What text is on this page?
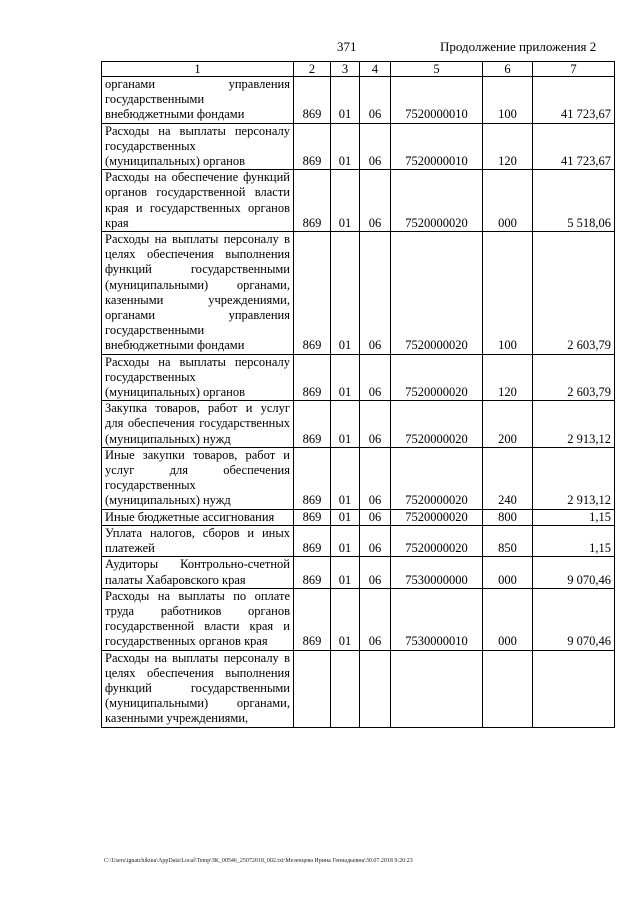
371	Продолжение приложения 2
1	2	3	4	5	6	7
органами управления государственными внебюджетными фондами	869	01	06	7520000010	100	41 723,67
Расходы на выплаты персоналу государственных (муниципальных) органов	869	01	06	7520000010	120	41 723,67
Расходы на обеспечение функций органов государственной власти края и государственных органов края	869	01	06	7520000020	000	5 518,06
Расходы на выплаты персоналу в целях обеспечения выполнения функций государственными (муниципальными) органами, казенными учреждениями, органами управления государственными внебюджетными фондами	869	01	06	7520000020	100	2 603,79
Расходы на выплаты персоналу государственных (муниципальных) органов	869	01	06	7520000020	120	2 603,79
Закупка товаров, работ и услуг для обеспечения государственных (муниципальных) нужд	869	01	06	7520000020	200	2 913,12
Иные закупки товаров, работ и услуг для обеспечения государственных (муниципальных) нужд	869	01	06	7520000020	240	2 913,12
Иные бюджетные ассигнования	869	01	06	7520000020	800	1,15
Уплата налогов, сборов и иных платежей	869	01	06	7520000020	850	1,15
Аудиторы Контрольно-счетной палаты Хабаровского края	869	01	06	7530000000	000	9 070,46
Расходы на выплаты по оплате труда работников органов государственной власти края и государственных органов края	869	01	06	7530000010	000	9 070,46
Расходы на выплаты персоналу в целях обеспечения выполнения функций государственными (муниципальными) органами, казенными учреждениями,						
C:\Users\ignatchikina\AppData\Local\Temp\ЗК_00546_25072018_002.txt\Мезенцева Ирина Геннадьевна\30.07.2018 9:20:23
